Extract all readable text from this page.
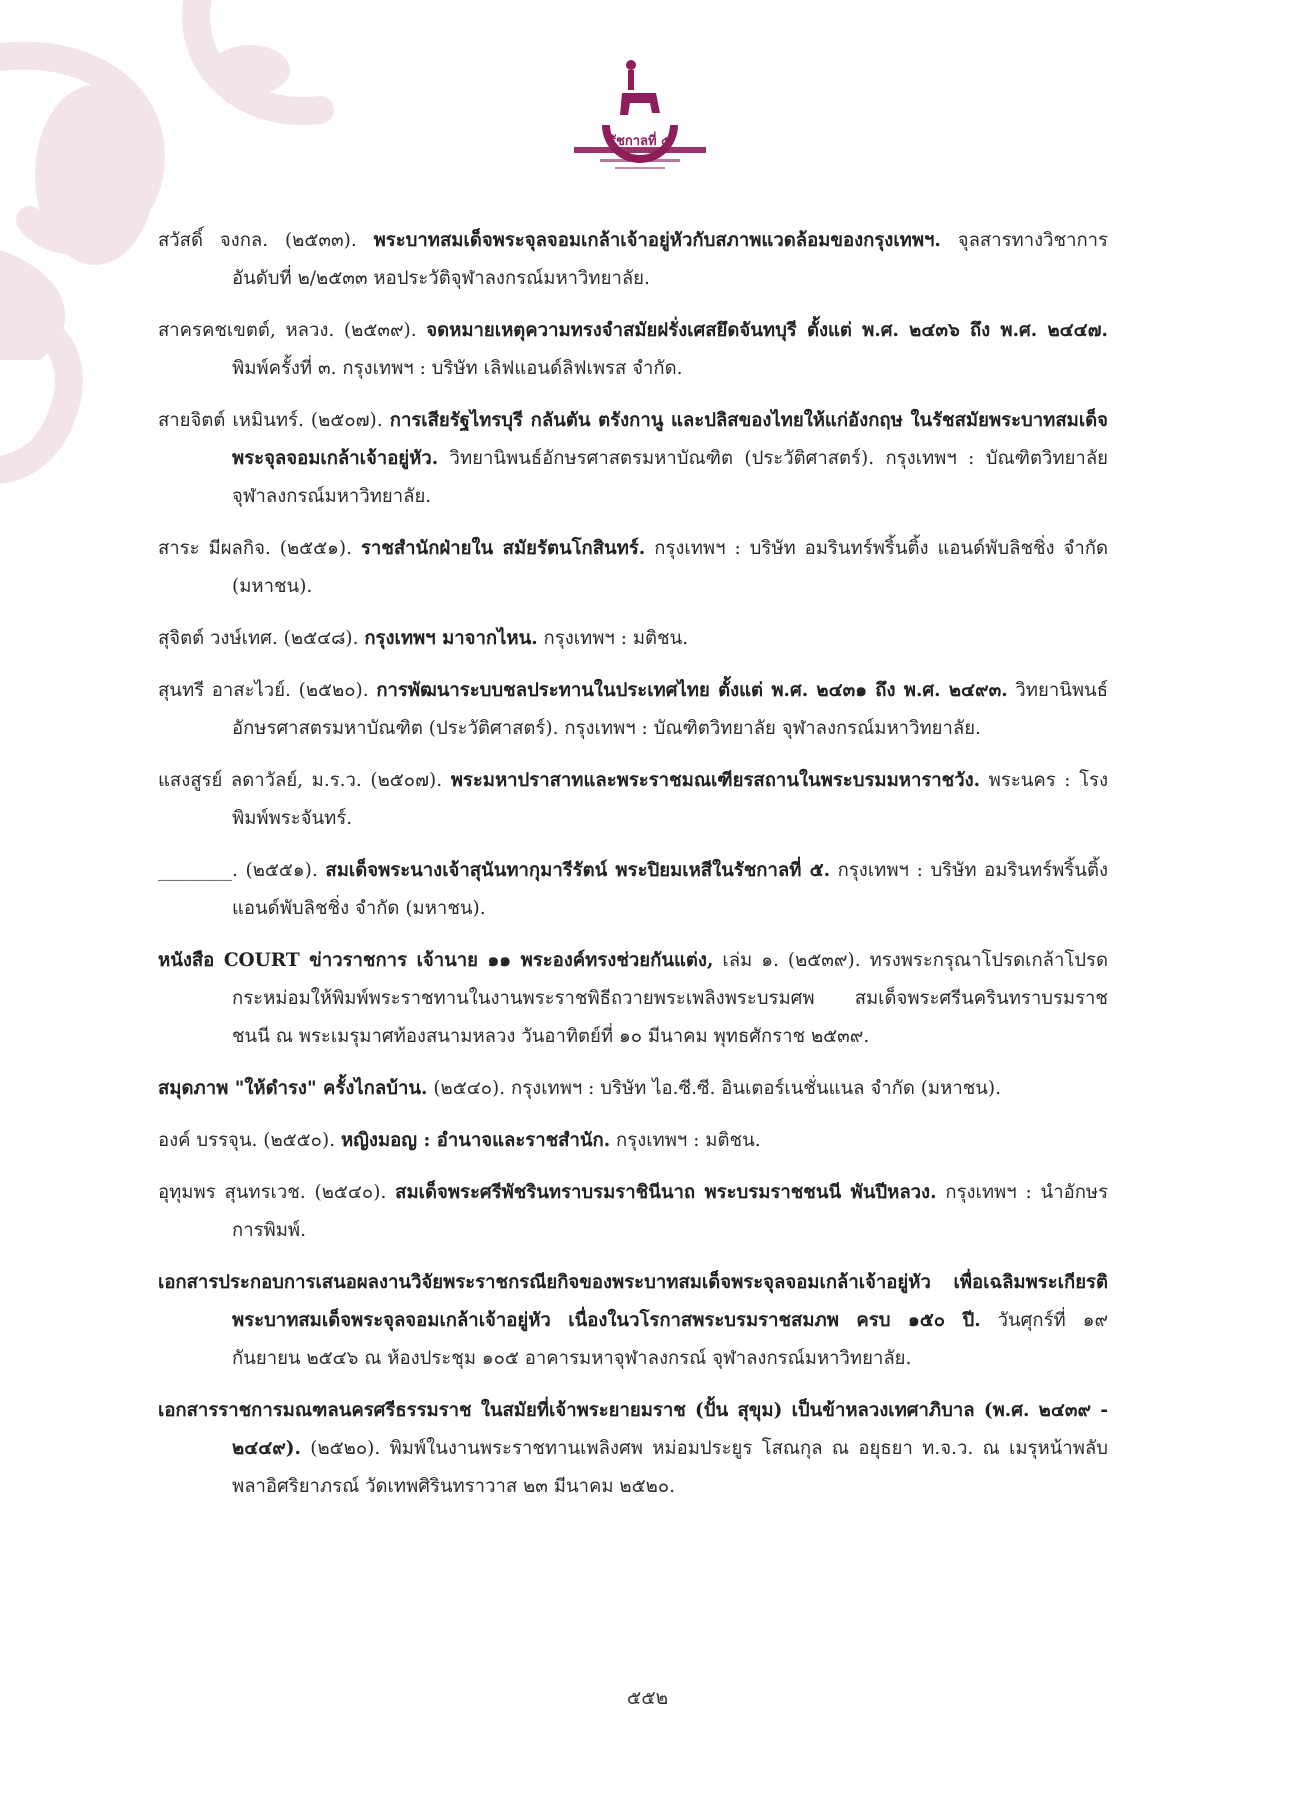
รัชกาลที่ ๕
สวัสดิ์ จงกล. (๒๕๓๓). พระบาทสมเด็จพระจุลจอมเกล้าเจ้าอยู่หัวกับสภาพแวดล้อมของกรุงเทพฯ. จุลสารทางวิชาการ อันดับที่ ๒/๒๕๓๓ หอประวัติจุฬาลงกรณ์มหาวิทยาลัย.
สาครคชเขตต์, หลวง. (๒๕๓๙). จดหมายเหตุความทรงจำสมัยฝรั่งเศสยึดจันทบุรี ตั้งแต่ พ.ศ. ๒๔๓๖ ถึง พ.ศ. ๒๔๔๗. พิมพ์ครั้งที่ ๓. กรุงเทพฯ : บริษัท เลิฟแอนด์ลิฟเพรส จำกัด.
สายจิตต์ เหมินทร์. (๒๕๐๗). การเสียรัฐไทรบุรี กลันตัน ตรังกานู และปลิสของไทยให้แก่อังกฤษ ในรัชสมัยพระบาทสมเด็จพระจุลจอมเกล้าเจ้าอยู่หัว. วิทยานิพนธ์อักษรศาสตรมหาบัณฑิต (ประวัติศาสตร์). กรุงเทพฯ : บัณฑิตวิทยาลัย จุฬาลงกรณ์มหาวิทยาลัย.
สาระ มีผลกิจ. (๒๕๕๑). ราชสำนักฝ่ายใน สมัยรัตนโกสินทร์. กรุงเทพฯ : บริษัท อมรินทร์พริ้นติ้ง แอนด์พับลิชชิ่ง จำกัด (มหาชน).
สุจิตต์ วงษ์เทศ. (๒๕๔๘). กรุงเทพฯ มาจากไหน. กรุงเทพฯ : มติชน.
สุนทรี อาสะไวย์. (๒๕๒๐). การพัฒนาระบบชลประทานในประเทศไทย ตั้งแต่ พ.ศ. ๒๔๓๑ ถึง พ.ศ. ๒๔๙๓. วิทยานิพนธ์อักษรศาสตรมหาบัณฑิต (ประวัติศาสตร์). กรุงเทพฯ : บัณฑิตวิทยาลัย จุฬาลงกรณ์มหาวิทยาลัย.
แสงสูรย์ ลดาวัลย์, ม.ร.ว. (๒๕๐๗). พระมหาปราสาทและพระราชมณเฑียรสถานในพระบรมมหาราชวัง. พระนคร : โรงพิมพ์พระจันทร์.
________. (๒๕๕๑). สมเด็จพระนางเจ้าสุนันทากุมารีรัตน์ พระปิยมเหสีในรัชกาลที่ ๕. กรุงเทพฯ : บริษัท อมรินทร์พริ้นติ้งแอนด์พับลิชชิ่ง จำกัด (มหาชน).
หนังสือ COURT ข่าวราชการ เจ้านาย ๑๑ พระองค์ทรงช่วยกันแต่ง, เล่ม ๑. (๒๕๓๙). ทรงพระกรุณาโปรดเกล้าโปรดกระหม่อมให้พิมพ์พระราชทานในงานพระราชพิธีถวายพระเพลิงพระบรมศพ สมเด็จพระศรีนครินทราบรมราชชนนี ณ พระเมรุมาศท้องสนามหลวง วันอาทิตย์ที่ ๑๐ มีนาคม พุทธศักราช ๒๕๓๙.
สมุดภาพ "ให้ดำรง" ครั้งไกลบ้าน. (๒๕๔๐). กรุงเทพฯ : บริษัท ไอ.ซี.ซี. อินเตอร์เนชั่นแนล จำกัด (มหาชน).
องค์ บรรจุน. (๒๕๕๐). หญิงมอญ : อำนาจและราชสำนัก. กรุงเทพฯ : มติชน.
อุทุมพร สุนทรเวช. (๒๕๔๐). สมเด็จพระศรีพัชรินทราบรมราชินีนาถ พระบรมราชชนนี พันปีหลวง. กรุงเทพฯ : นำอักษรการพิมพ์.
เอกสารประกอบการเสนอผลงานวิจัยพระราชกรณียกิจของพระบาทสมเด็จพระจุลจอมเกล้าเจ้าอยู่หัว เพื่อเฉลิมพระเกียรติพระบาทสมเด็จพระจุลจอมเกล้าเจ้าอยู่หัว เนื่องในวโรกาสพระบรมราชสมภพ ครบ ๑๕๐ ปี. วันศุกร์ที่ ๑๙ กันยายน ๒๕๔๖ ณ ห้องประชุม ๑๐๕ อาคารมหาจุฬาลงกรณ์ จุฬาลงกรณ์มหาวิทยาลัย.
เอกสารราชการมณฑลนครศรีธรรมราช ในสมัยที่เจ้าพระยายมราช (ปั้น สุขุม) เป็นข้าหลวงเทศาภิบาล (พ.ศ. ๒๔๓๙ - ๒๔๔๙). (๒๕๒๐). พิมพ์ในงานพระราชทานเพลิงศพ หม่อมประยูร โสณกุล ณ อยุธยา ท.จ.ว. ณ เมรุหน้าพลับพลาอิศริยาภรณ์ วัดเทพศิรินทราวาส ๒๓ มีนาคม ๒๕๒๐.
๕๕๒
